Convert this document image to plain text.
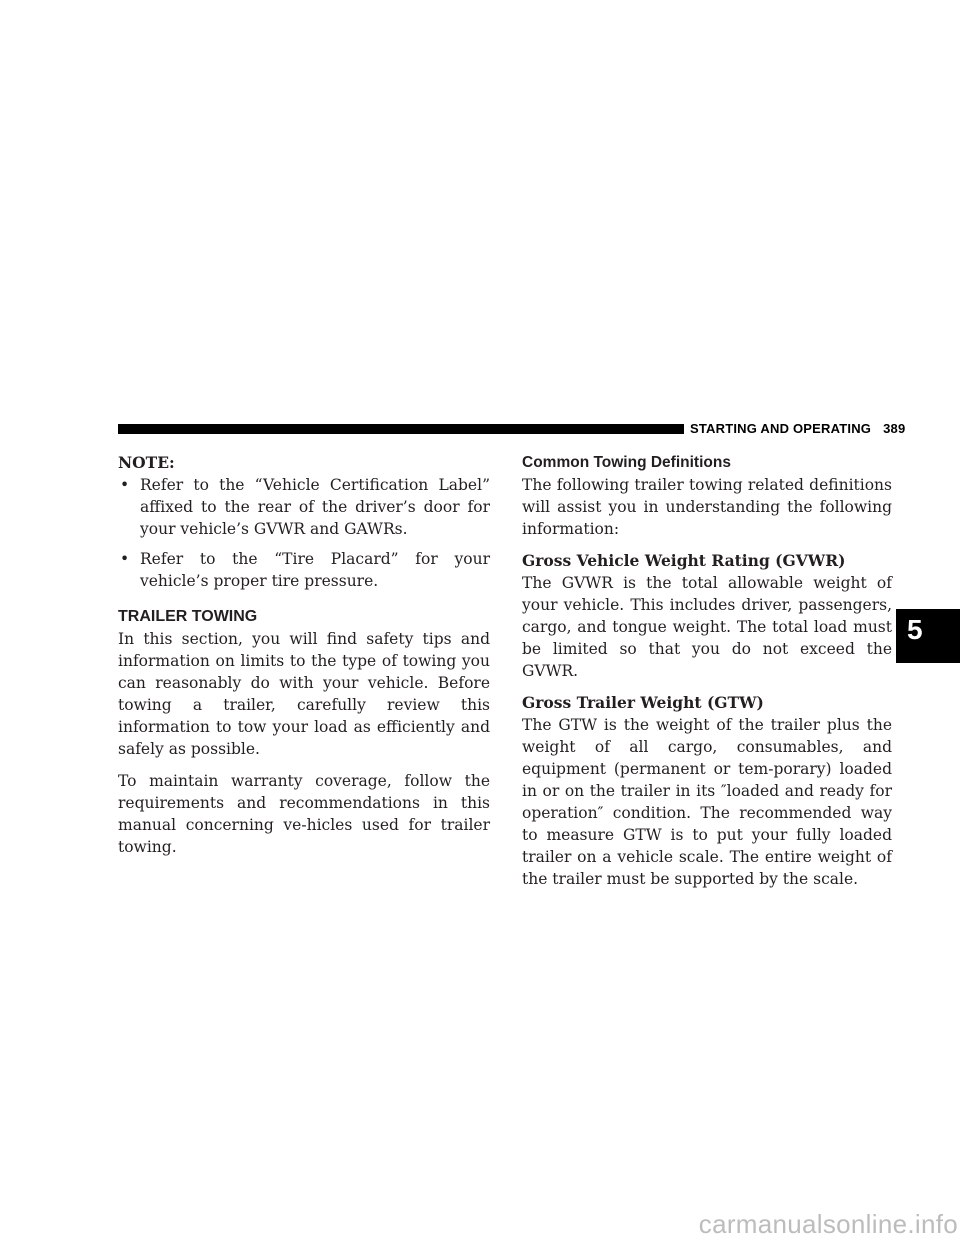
STARTING AND OPERATING 389
5

NOTE:

• Refer to the “Vehicle Certification Label” affixed to the rear of the driver’s door for your vehicle’s GVWR and GAWRs.
• Refer to the “Tire Placard” for your vehicle’s proper tire pressure.
TRAILER TOWING

In this section, you will find safety tips and information on limits to the type of towing you can reasonably do with your vehicle. Before towing a trailer, carefully review this information to tow your load as efficiently and safely as possible.

To maintain warranty coverage, follow the requirements and recommendations in this manual concerning ve-hicles used for trailer towing.

Common Towing Definitions

The following trailer towing related definitions will assist you in understanding the following information:

Gross Vehicle Weight Rating (GVWR)

The GVWR is the total allowable weight of your vehicle. This includes driver, passengers, cargo, and tongue weight. The total load must be limited so that you do not exceed the GVWR.

Gross Trailer Weight (GTW)

The GTW is the weight of the trailer plus the weight of all cargo, consumables, and equipment (permanent or tem-porary) loaded in or on the trailer in its ″loaded and ready for operation″ condition. The recommended way to measure GTW is to put your fully loaded trailer on a vehicle scale. The entire weight of the trailer must be supported by the scale.

carmanualsonline.info
